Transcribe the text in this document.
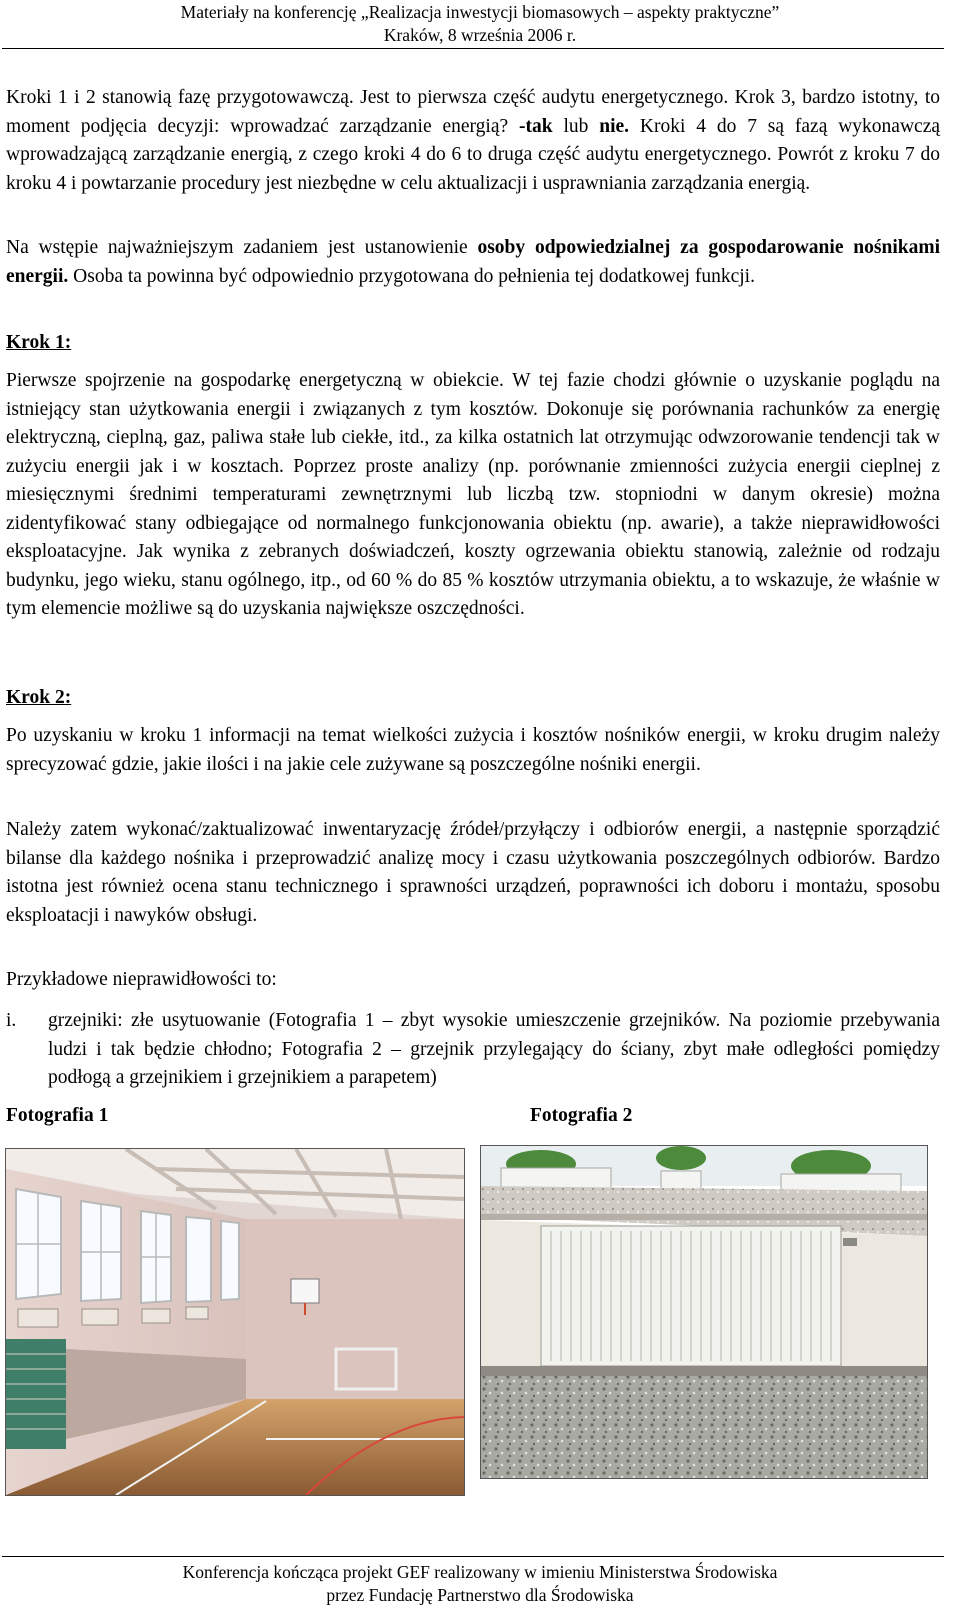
Materiały na konferencję „Realizacja inwestycji biomasowych – aspekty praktyczne”
Kraków, 8 września 2006 r.

Kroki 1 i 2 stanowią fazę przygotowawczą. Jest to pierwsza część audytu energetycznego. Krok 3, bardzo istotny, to moment podjęcia decyzji: wprowadzać zarządzanie energią? -tak lub nie. Kroki 4 do 7 są fazą wykonawczą wprowadzającą zarządzanie energią, z czego kroki 4 do 6 to druga część audytu energetycznego. Powrót z kroku 7 do kroku 4 i powtarzanie procedury jest niezbędne w celu aktualizacji i usprawniania zarządzania energią.

Na wstępie najważniejszym zadaniem jest ustanowienie osoby odpowiedzialnej za gospodarowanie nośnikami energii. Osoba ta powinna być odpowiednio przygotowana do pełnienia tej dodatkowej funkcji.

Krok 1:

Pierwsze spojrzenie na gospodarkę energetyczną w obiekcie. W tej fazie chodzi głównie o uzyskanie poglądu na istniejący stan użytkowania energii i związanych z tym kosztów. Dokonuje się porównania rachunków za energię elektryczną, cieplną, gaz, paliwa stałe lub ciekłe, itd., za kilka ostatnich lat otrzymując odwzorowanie tendencji tak w zużyciu energii jak i w kosztach. Poprzez proste analizy (np. porównanie zmienności zużycia energii cieplnej z miesięcznymi średnimi temperaturami zewnętrznymi lub liczbą tzw. stopniodni w danym okresie) można zidentyfikować stany odbiegające od normalnego funkcjonowania obiektu (np. awarie), a także nieprawidłowości eksploatacyjne. Jak wynika z zebranych doświadczeń, koszty ogrzewania obiektu stanowią, zależnie od rodzaju budynku, jego wieku, stanu ogólnego, itp., od 60 % do 85 % kosztów utrzymania obiektu, a to wskazuje, że właśnie w tym elemencie możliwe są do uzyskania największe oszczędności.

Krok 2:

Po uzyskaniu w kroku 1 informacji na temat wielkości zużycia i kosztów nośników energii, w kroku drugim należy sprecyzować gdzie, jakie ilości i na jakie cele zużywane są poszczególne nośniki energii.

Należy zatem wykonać/zaktualizować inwentaryzację źródeł/przyłączy i odbiorów energii, a następnie sporządzić bilanse dla każdego nośnika i przeprowadzić analizę mocy i czasu użytkowania poszczególnych odbiorów. Bardzo istotna jest również ocena stanu technicznego i sprawności urządzeń, poprawności ich doboru i montażu, sposobu eksploatacji i nawyków obsługi.

Przykładowe nieprawidłowości to:

i. grzejniki: złe usytuowanie (Fotografia 1 – zbyt wysokie umieszczenie grzejników. Na poziomie przebywania ludzi i tak będzie chłodno; Fotografia 2 – grzejnik przylegający do ściany, zbyt małe odległości pomiędzy podłogą a grzejnikiem i grzejnikiem a parapetem)

Fotografia 1	Fotografia 2

Konferencja kończąca projekt GEF realizowany w imieniu Ministerstwa Środowiska
przez Fundację Partnerstwo dla Środowiska
